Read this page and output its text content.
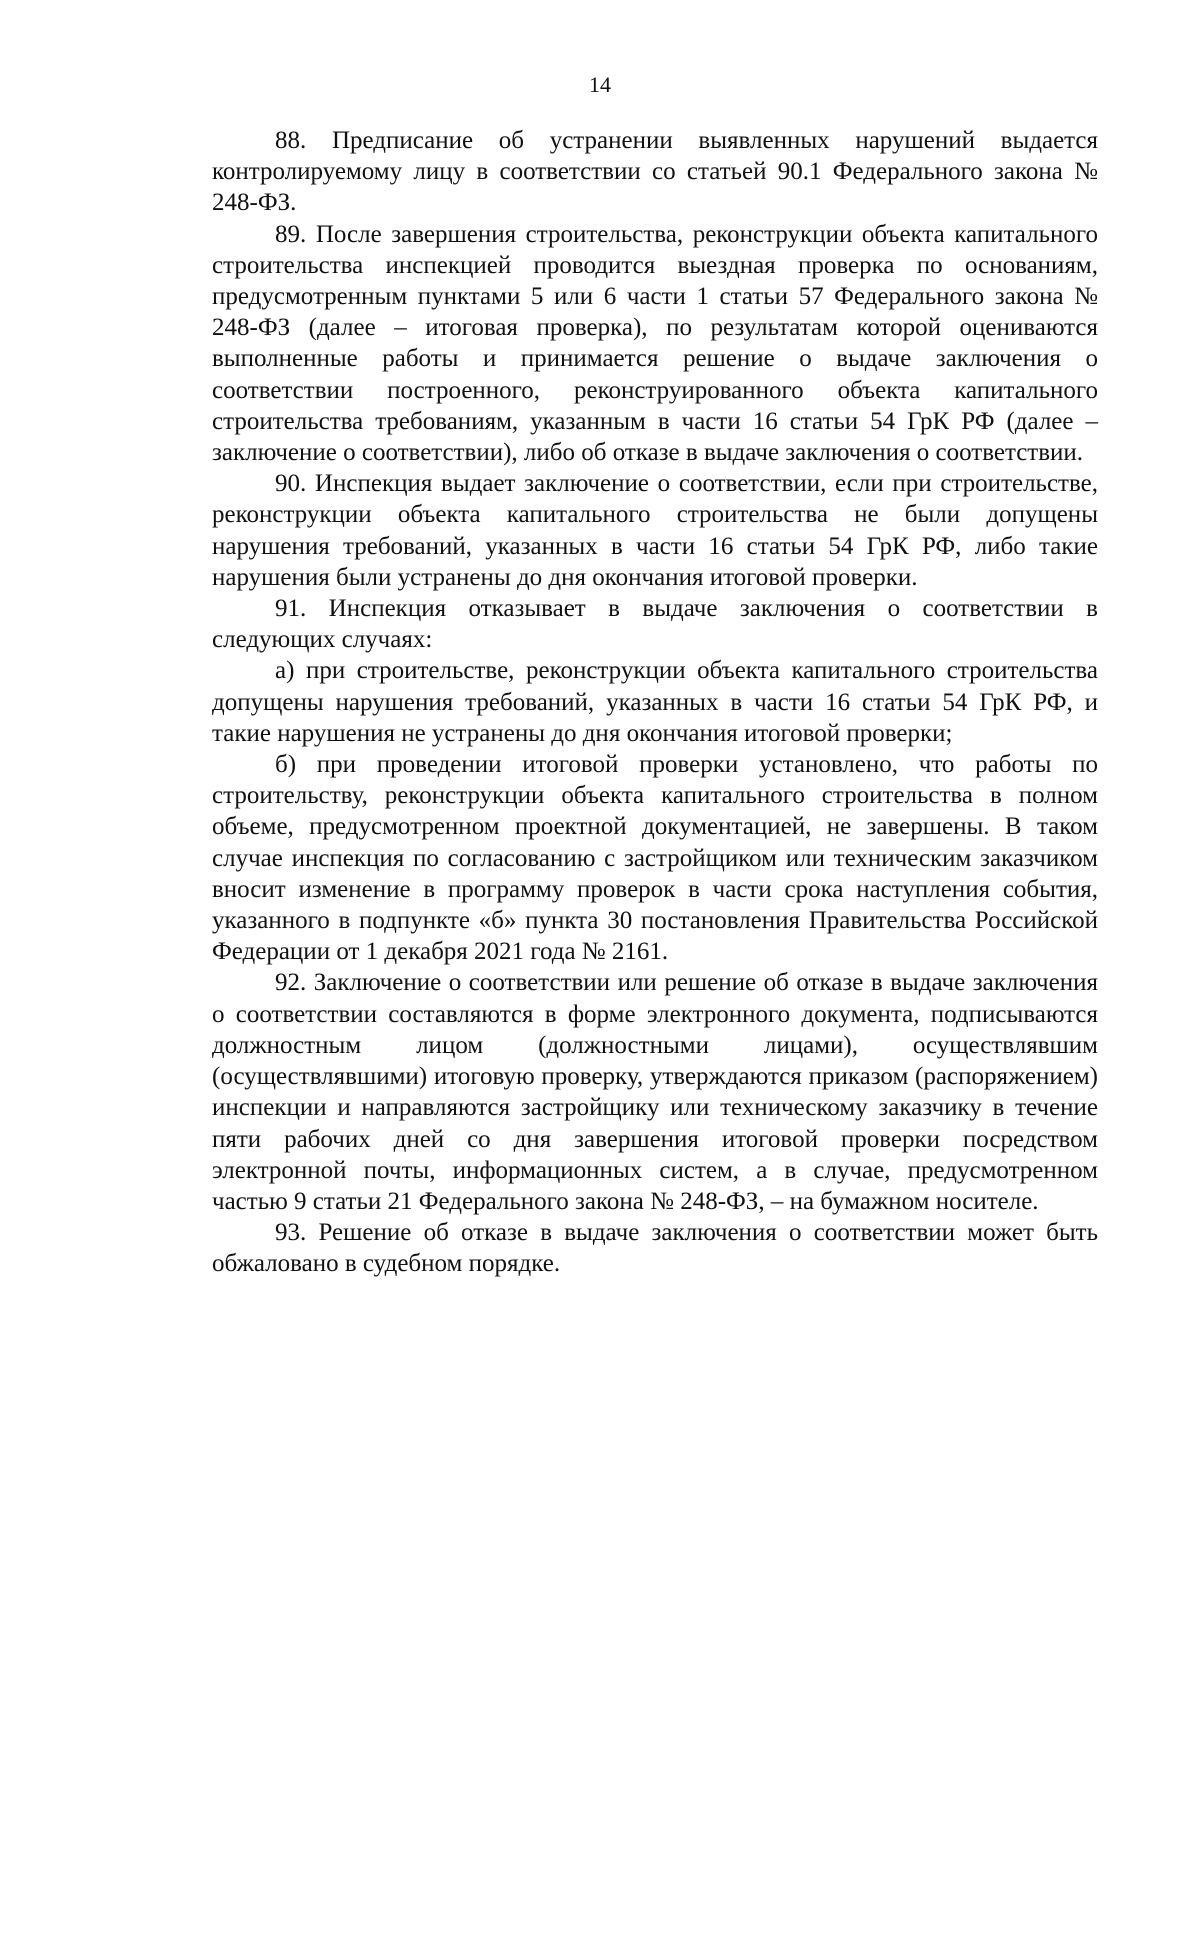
14

88. Предписание об устранении выявленных нарушений выдается контролируемому лицу в соответствии со статьей 90.1 Федерального закона № 248-ФЗ.

89. После завершения строительства, реконструкции объекта капитального строительства инспекцией проводится выездная проверка по основаниям, предусмотренным пунктами 5 или 6 части 1 статьи 57 Федерального закона № 248-ФЗ (далее – итоговая проверка), по результатам которой оцениваются выполненные работы и принимается решение о выдаче заключения о соответствии построенного, реконструированного объекта капитального строительства требованиям, указанным в части 16 статьи 54 ГрК РФ (далее – заключение о соответствии), либо об отказе в выдаче заключения о соответствии.

90. Инспекция выдает заключение о соответствии, если при строительстве, реконструкции объекта капитального строительства не были допущены нарушения требований, указанных в части 16 статьи 54 ГрК РФ, либо такие нарушения были устранены до дня окончания итоговой проверки.

91. Инспекция отказывает в выдаче заключения о соответствии в следующих случаях:

а) при строительстве, реконструкции объекта капитального строительства допущены нарушения требований, указанных в части 16 статьи 54 ГрК РФ, и такие нарушения не устранены до дня окончания итоговой проверки;

б) при проведении итоговой проверки установлено, что работы по строительству, реконструкции объекта капитального строительства в полном объеме, предусмотренном проектной документацией, не завершены. В таком случае инспекция по согласованию с застройщиком или техническим заказчиком вносит изменение в программу проверок в части срока наступления события, указанного в подпункте «б» пункта 30 постановления Правительства Российской Федерации от 1 декабря 2021 года № 2161.

92. Заключение о соответствии или решение об отказе в выдаче заключения о соответствии составляются в форме электронного документа, подписываются должностным лицом (должностными лицами), осуществлявшим (осуществлявшими) итоговую проверку, утверждаются приказом (распоряжением) инспекции и направляются застройщику или техническому заказчику в течение пяти рабочих дней со дня завершения итоговой проверки посредством электронной почты, информационных систем, а в случае, предусмотренном частью 9 статьи 21 Федерального закона № 248-ФЗ, – на бумажном носителе.

93. Решение об отказе в выдаче заключения о соответствии может быть обжаловано в судебном порядке.
